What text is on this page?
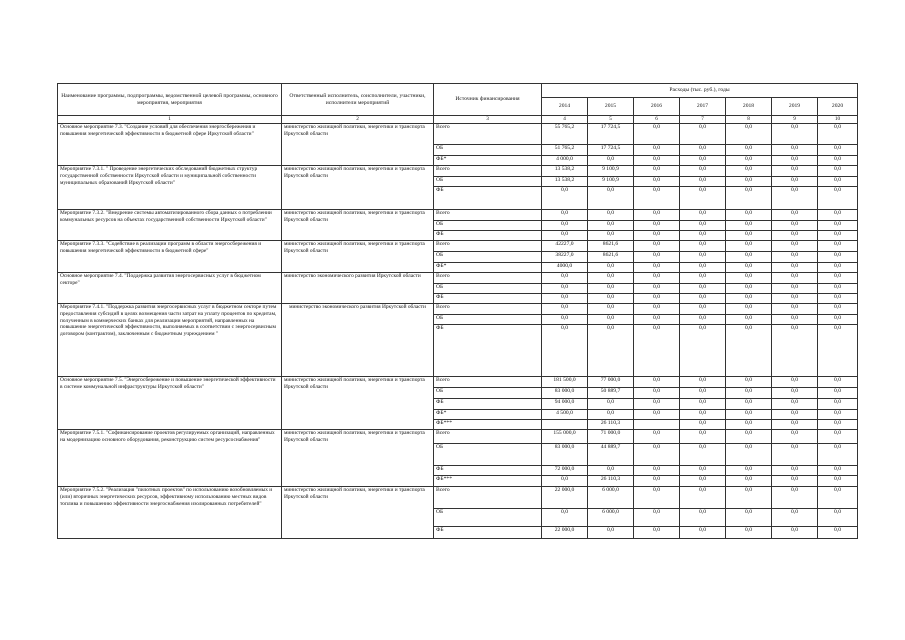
Наименование программы, подпрограммы, ведомственной целевой программы, основного мероприятия, мероприятия	Ответственный исполнитель, соисполнители, участники, исполнители мероприятий	Источник финансирования	Расходы (тыс. руб.), годы						
			2014	2015	2016	2017	2018	2019	2020
1	2	3	4	5	6	7	8	9	10
Основное мероприятие 7.3. "Создание условий для обеспечения энергосбережения и повышения энергетической эффективности в бюджетной сфере Иркутской области"	министерство жилищной политики, энергетики и транспорта Иркутской области	Всего	55 765,2	17 724,5	0,0	0,0	0,0	0,0	0,0
		ОБ	51 765,2	17 724,5	0,0	0,0	0,0	0,0	0,0
		ФБ*	4 000,0	0,0	0,0	0,0	0,0	0,0	0,0
Мероприятие 7.3.1. " Проведение энергетических обследований бюджетных структур государственной собственности Иркутской области и муниципальной собственности муниципальных образований Иркутской области"	министерство жилищной политики, энергетики и транспорта Иркутской области	Всего	13 538,2	9 100,9	0,0	0,0	0,0	0,0	0,0
		ОБ	13 538,2	9 100,9	0,0	0,0	0,0	0,0	0,0
		ФБ	0,0	0,0	0,0	0,0	0,0	0,0	0,0
Мероприятие 7.3.2. "Внедрение системы автоматизированного сбора данных о потреблении коммунальных ресурсов на объектах государственной собственности Иркутской области"	министерство жилищной политики, энергетики и транспорта Иркутской области	Всего	0,0	0,0	0,0	0,0	0,0	0,0	0,0
		ОБ	0,0	0,0	0,0	0,0	0,0	0,0	0,0
		ФБ	0,0	0,0	0,0	0,0	0,0	0,0	0,0
Мероприятие 7.3.3. "Содействие в реализации программ в области энергосбережения и повышения энергетической эффективности в бюджетной сфере"	министерство жилищной политики, энергетики и транспорта Иркутской области	Всего	42227,0	8621,6	0,0	0,0	0,0	0,0	0,0
		ОБ	38227,0	8621,6	0,0	0,0	0,0	0,0	0,0
		ФБ*	4000,0	0,0	0,0	0,0	0,0	0,0	0,0
Основное мероприятие 7.4. "Поддержка развития энергосервисных услуг в бюджетном секторе"	министерство экономического развития Иркутской области	Всего	0,0	0,0	0,0	0,0	0,0	0,0	0,0
		ОБ	0,0	0,0	0,0	0,0	0,0	0,0	0,0
		ФБ	0,0	0,0	0,0	0,0	0,0	0,0	0,0
Мероприятие 7.4.1. "Поддержка развития энергосервисных услуг в бюджетном секторе путем предоставления субсидий в целях возмещения части затрат на уплату процентов по кредитам, полученным в коммерческих банках для реализации мероприятий, направленных на повышение энергетической эффективности, выполняемых в соответствии с энергосервисным договором (контрактом), заключенным с бюджетным учреждением "	министерство экономического развития Иркутской области	Всего	0,0	0,0	0,0	0,0	0,0	0,0	0,0
		ОБ	0,0	0,0	0,0	0,0	0,0	0,0	0,0
		ФБ	0,0	0,0	0,0	0,0	0,0	0,0	0,0
Основное мероприятие 7.5. "Энергосбережение и повышение энергетической эффективности в системе коммунальной инфраструктуры Иркутской области"	министерство жилищной политики, энергетики и транспорта Иркутской области	Всего	181 500,0	77 000,0	0,0	0,0	0,0	0,0	0,0
		ОБ	83 000,0	50 889,7	0,0	0,0	0,0	0,0	0,0
		ФБ	94 000,0	0,0	0,0	0,0	0,0	0,0	0,0
		ФБ*	4 500,0	0,0	0,0	0,0	0,0	0,0	0,0
		ФБ***		26 110,3		0,0	0,0	0,0	0,0
Мероприятие 7.5.1. "Софинансирование проектов регулируемых организаций, направленных на модернизацию основного оборудования, реконструкцию систем ресурсоснабжения"	министерство жилищной политики, энергетики и транспорта Иркутской области	Всего	155 000,0	71 000,0	0,0	0,0	0,0	0,0	0,0
		ОБ	83 000,0	44 889,7	0,0	0,0	0,0	0,0	0,0
		ФБ	72 000,0	0,0	0,0	0,0	0,0	0,0	0,0
		ФБ***	0,0	26 110,3	0,0	0,0	0,0	0,0	0,0
Мероприятие 7.5.2. "Реализация "пилотных проектов" по использованию возобновляемых и (или) вторичных энергетических ресурсов, эффективному использованию местных видов топлива и повышению эффективности энергоснабжения изолированных потребителей"	министерство жилищной политики, энергетики и транспорта Иркутской области	Всего	22 000,0	6 000,0	0,0	0,0	0,0	0,0	0,0
		ОБ	0,0	6 000,0	0,0	0,0	0,0	0,0	0,0
		ФБ	22 000,0	0,0	0,0	0,0	0,0	0,0	0,0
